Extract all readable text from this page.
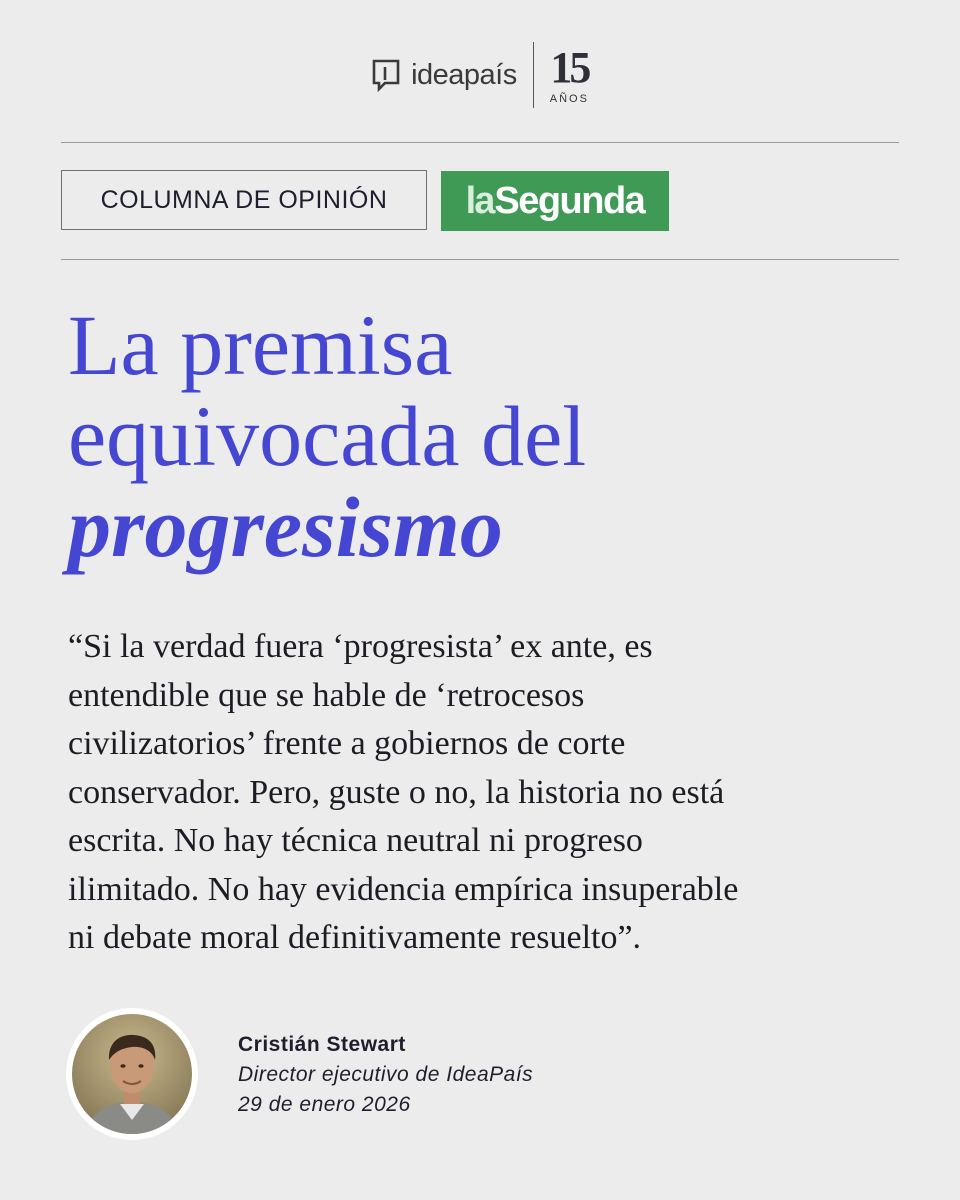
ideapaís 15
AÑOS
COLUMNA DE OPINIÓN	la Segunda
La premisa
equivocada del
progresismo
“Si la verdad fuera ‘progresista’ ex ante, es
entendible que se hable de ‘retrocesos
civilizatorios’ frente a gobiernos de corte
conservador. Pero, guste o no, la historia no está
escrita. No hay técnica neutral ni progreso
ilimitado. No hay evidencia empírica insuperable
ni debate moral definitivamente resuelto”.
Cristián Stewart
Director ejecutivo de IdeaPaís
29 de enero 2026
